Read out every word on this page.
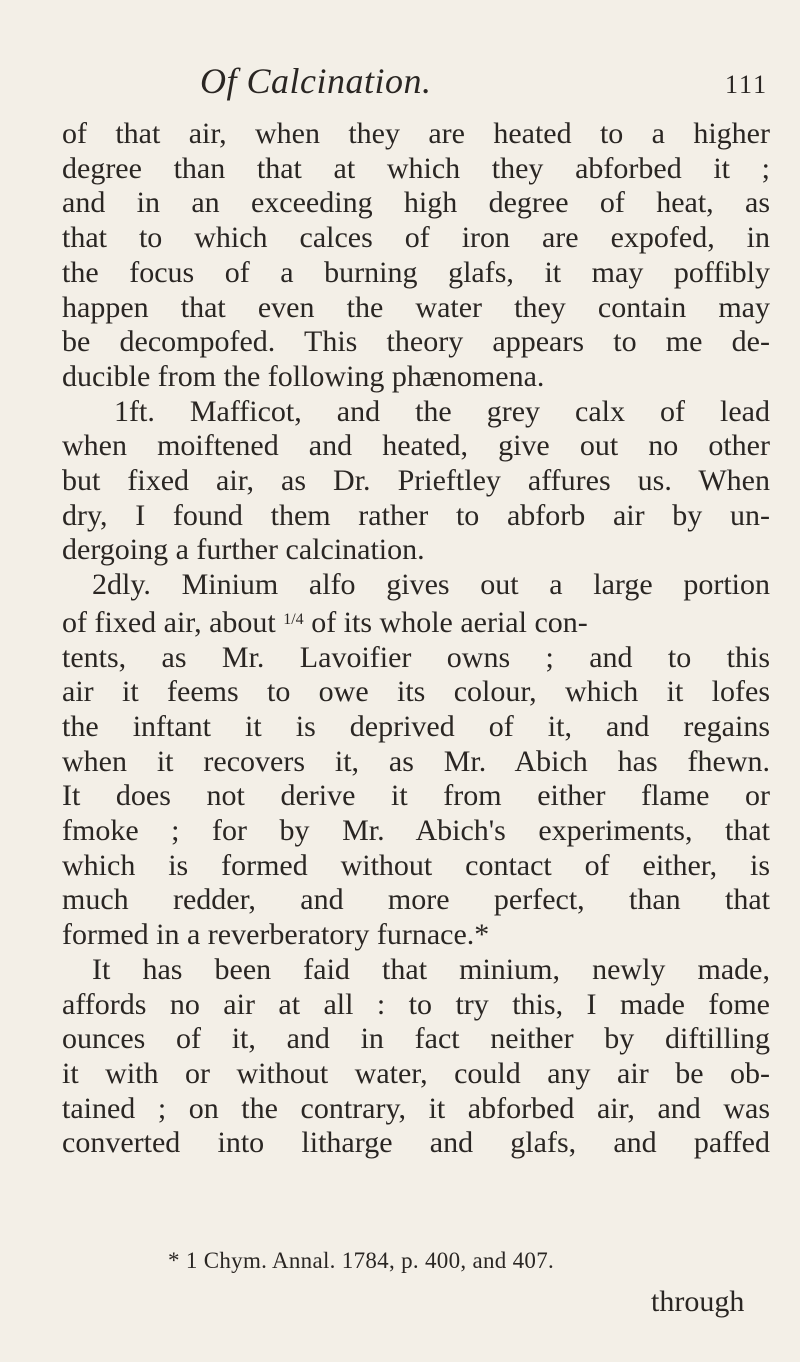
Of Calcination.	111
of that air, when they are heated to a higher
degree than that at which they abforbed it ;
and in an exceeding high degree of heat, as
that to which calces of iron are expofed, in
the focus of a burning glafs, it may poffibly
happen that even the water they contain may
be decompofed. This theory appears to me de-
ducible from the following phænomena.
1ft. Mafficot, and the grey calx of lead
when moiftened and heated, give out no other
but fixed air, as Dr. Prieftley affures us. When
dry, I found them rather to abforb air by un-
dergoing a further calcination.
2dly. Minium alfo gives out a large portion
of fixed air, about $^{1/4}$ of its whole aerial con-
tents, as Mr. Lavoifier owns ; and to this
air it feems to owe its colour, which it lofes
the inftant it is deprived of it, and regains
when it recovers it, as Mr. Abich has fhewn.
It does not derive it from either flame or
fmoke ; for by Mr. Abich's experiments, that
which is formed without contact of either, is
much redder, and more perfect, than that
formed in a reverberatory furnace.*
It has been faid that minium, newly made,
affords no air at all : to try this, I made fome
ounces of it, and in fact neither by diftilling
it with or without water, could any air be ob-
tained ; on the contrary, it abforbed air, and was
converted into litharge and glafs, and paffed
* 1 Chym. Annal. 1784, p. 400, and 407.
through
